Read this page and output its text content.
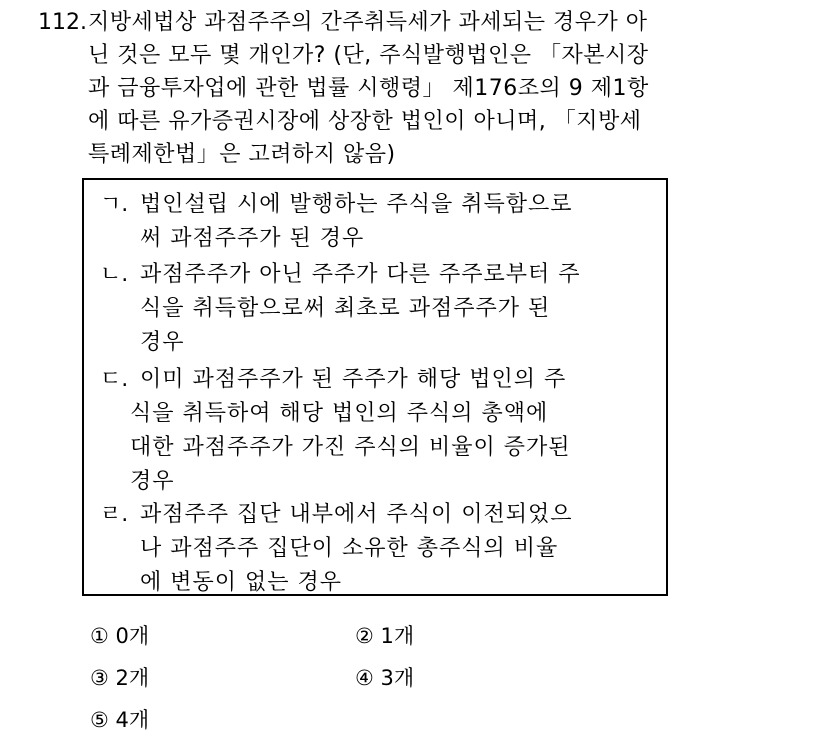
112. 지방세법상 과점주주의 간주취득세가 과세되는 경우가 아
닌 것은 모두 몇 개인가? (단, 주식발행법인은 「자본시장
과 금융투자업에 관한 법률 시행령」 제176조의 9 제1항
에 따른 유가증권시장에 상장한 법인이 아니며, 「지방세
특례제한법」은 고려하지 않음)
ㄱ. 법인설립 시에 발행하는 주식을 취득함으로
써 과점주주가 된 경우
ㄴ. 과점주주가 아닌 주주가 다른 주주로부터 주
식을 취득함으로써 최초로 과점주주가 된
경우
ㄷ. 이미 과점주주가 된 주주가 해당 법인의 주
식을 취득하여 해당 법인의 주식의 총액에
대한 과점주주가 가진 주식의 비율이 증가된
경우
ㄹ. 과점주주 집단 내부에서 주식이 이전되었으
나 과점주주 집단이 소유한 총주식의 비율
에 변동이 없는 경우
① 0개	② 1개
③ 2개	④ 3개
⑤ 4개
